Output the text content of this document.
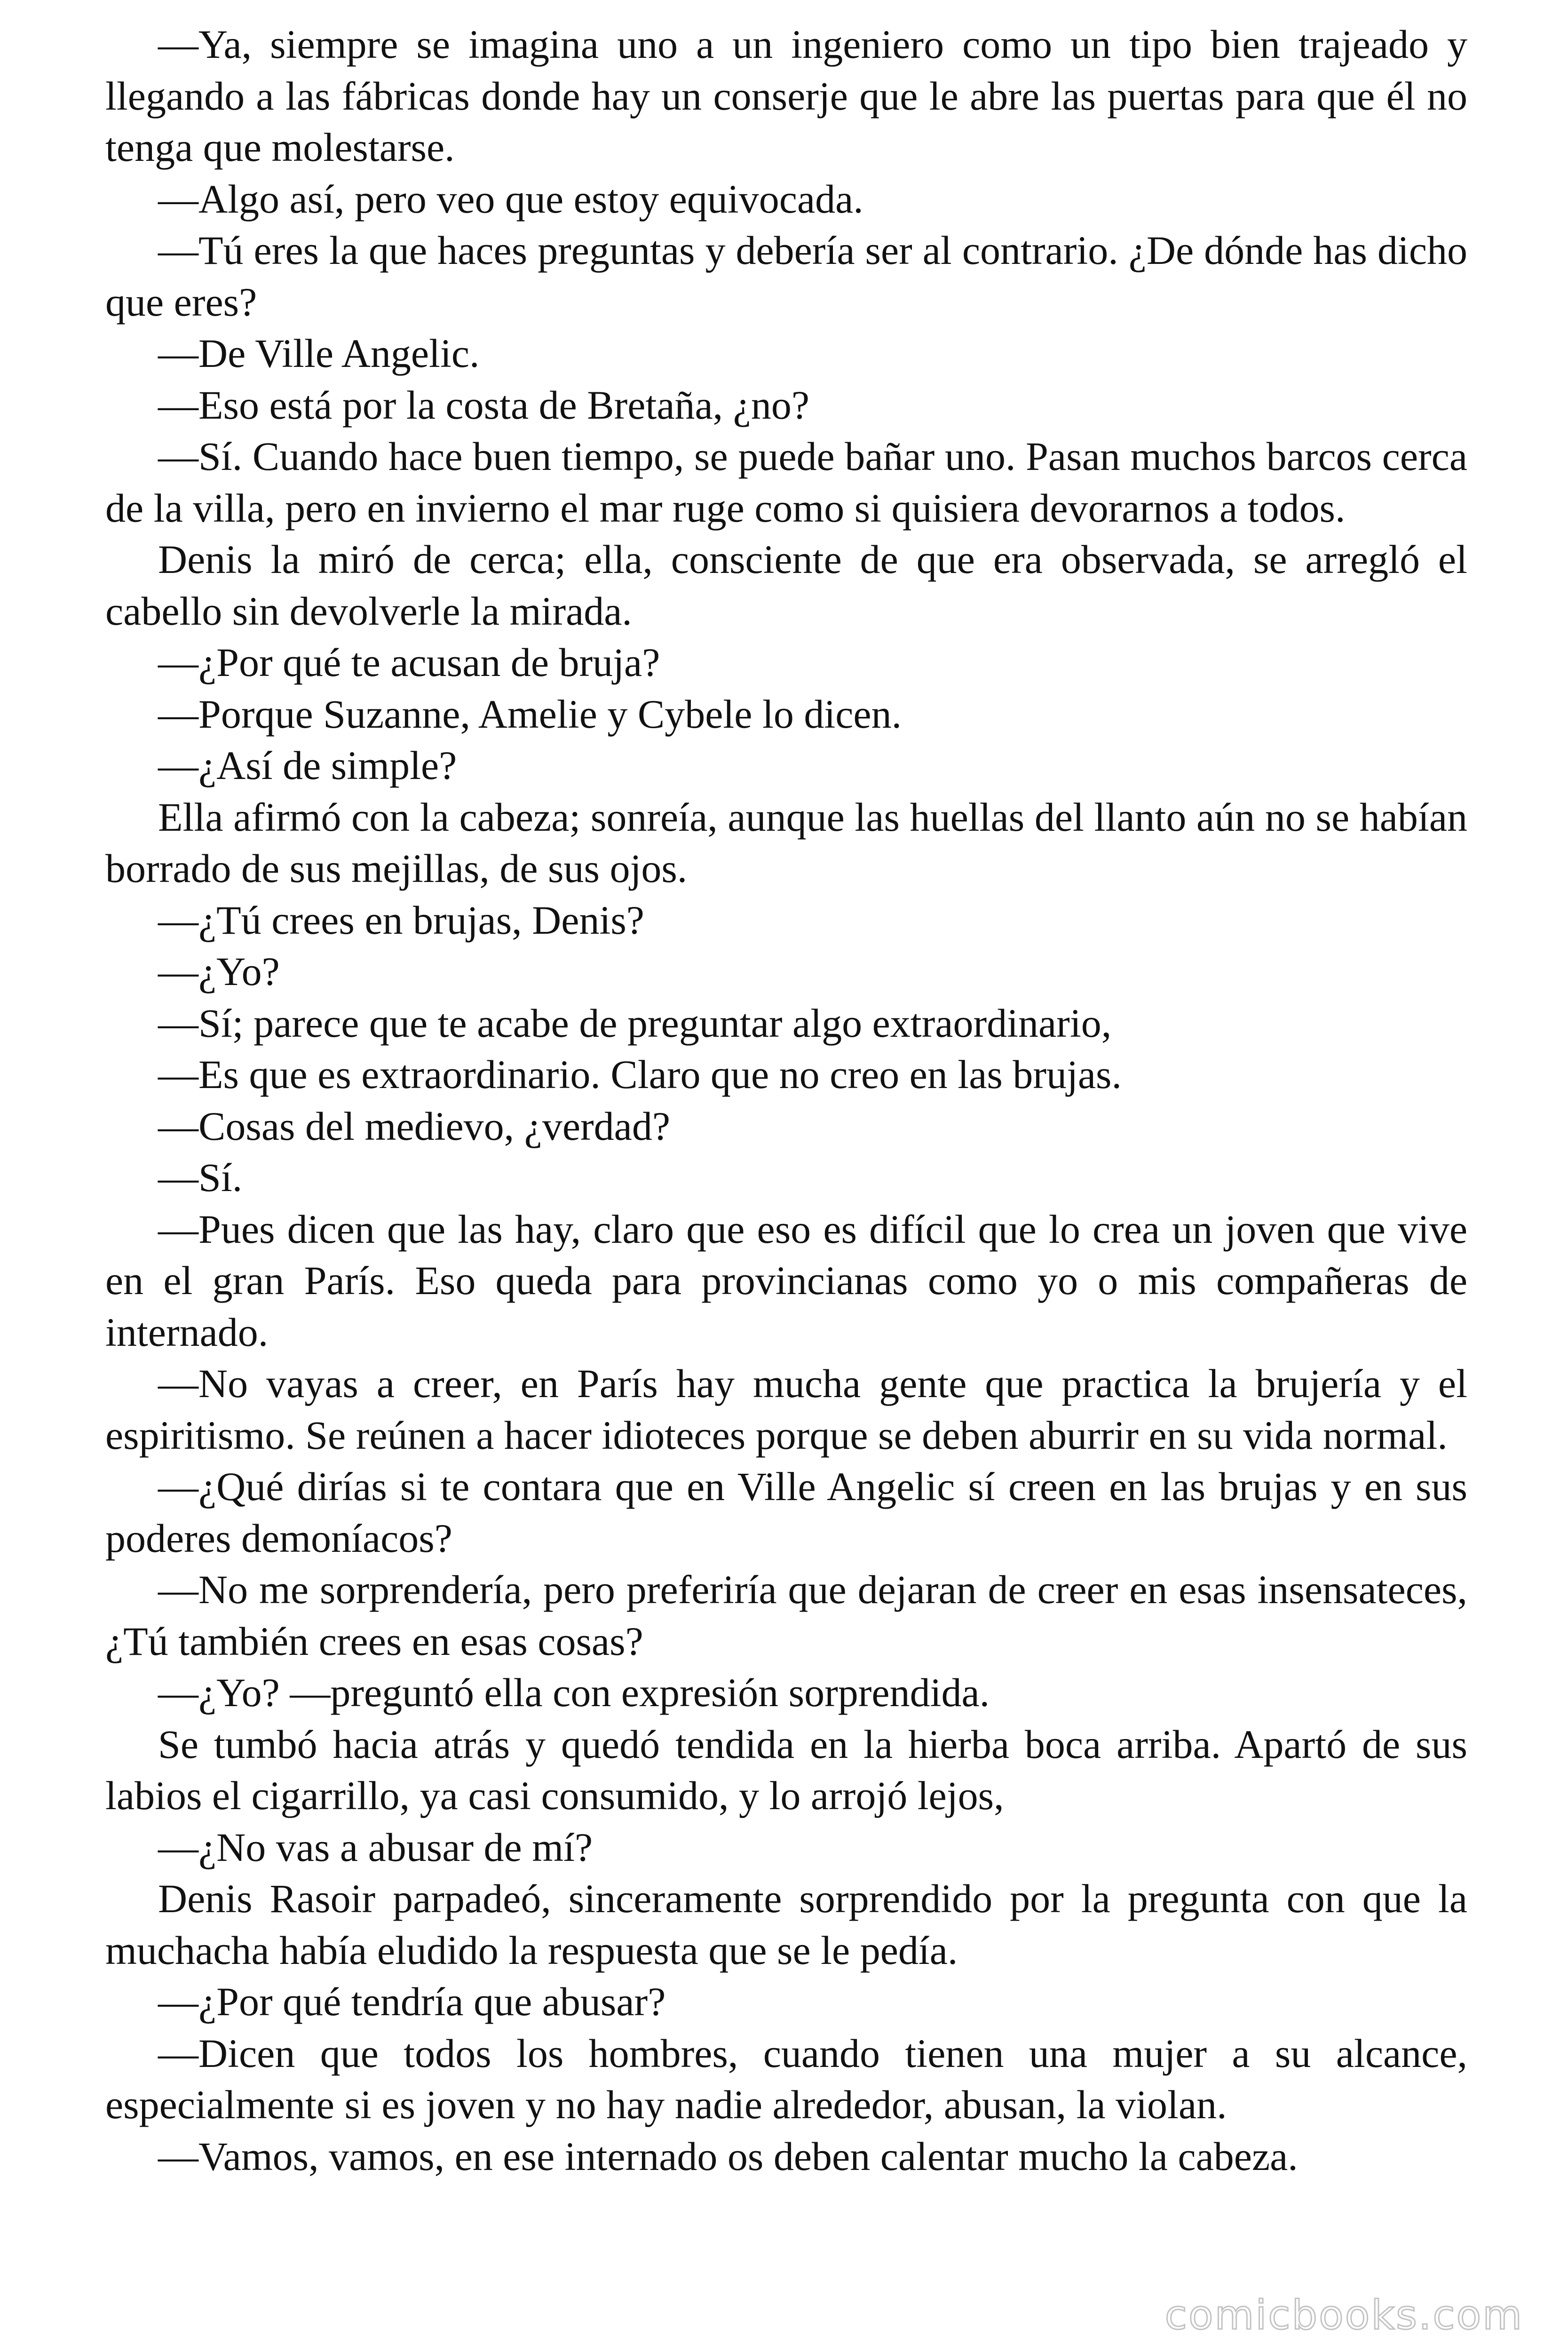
—Ya, siempre se imagina uno a un ingeniero como un tipo bien trajeado y llegando a las fábricas donde hay un conserje que le abre las puertas para que él no tenga que molestarse.

—Algo así, pero veo que estoy equivocada.

—Tú eres la que haces preguntas y debería ser al contrario. ¿De dónde has dicho que eres?

—De Ville Angelic.

—Eso está por la costa de Bretaña, ¿no?

—Sí. Cuando hace buen tiempo, se puede bañar uno. Pasan muchos barcos cerca de la villa, pero en invierno el mar ruge como si quisiera devorarnos a todos.

Denis la miró de cerca; ella, consciente de que era observada, se arregló el cabello sin devolverle la mirada.

—¿Por qué te acusan de bruja?

—Porque Suzanne, Amelie y Cybele lo dicen.

—¿Así de simple?

Ella afirmó con la cabeza; sonreía, aunque las huellas del llanto aún no se habían borrado de sus mejillas, de sus ojos.

—¿Tú crees en brujas, Denis?

—¿Yo?

—Sí; parece que te acabe de preguntar algo extraordinario,

—Es que es extraordinario. Claro que no creo en las brujas.

—Cosas del medievo, ¿verdad?

—Sí.

—Pues dicen que las hay, claro que eso es difícil que lo crea un joven que vive en el gran París. Eso queda para provincianas como yo o mis compañeras de internado.

—No vayas a creer, en París hay mucha gente que practica la brujería y el espiritismo. Se reúnen a hacer idioteces porque se deben aburrir en su vida normal.

—¿Qué dirías si te contara que en Ville Angelic sí creen en las brujas y en sus poderes demoníacos?

—No me sorprendería, pero preferiría que dejaran de creer en esas insensateces, ¿Tú también crees en esas cosas?

—¿Yo? —preguntó ella con expresión sorprendida.

Se tumbó hacia atrás y quedó tendida en la hierba boca arriba. Apartó de sus labios el cigarrillo, ya casi consumido, y lo arrojó lejos,

—¿No vas a abusar de mí?

Denis Rasoir parpadeó, sinceramente sorprendido por la pregunta con que la muchacha había eludido la respuesta que se le pedía.

—¿Por qué tendría que abusar?

—Dicen que todos los hombres, cuando tienen una mujer a su alcance, especialmente si es joven y no hay nadie alrededor, abusan, la violan.

—Vamos, vamos, en ese internado os deben calentar mucho la cabeza.

comicbooks.com
